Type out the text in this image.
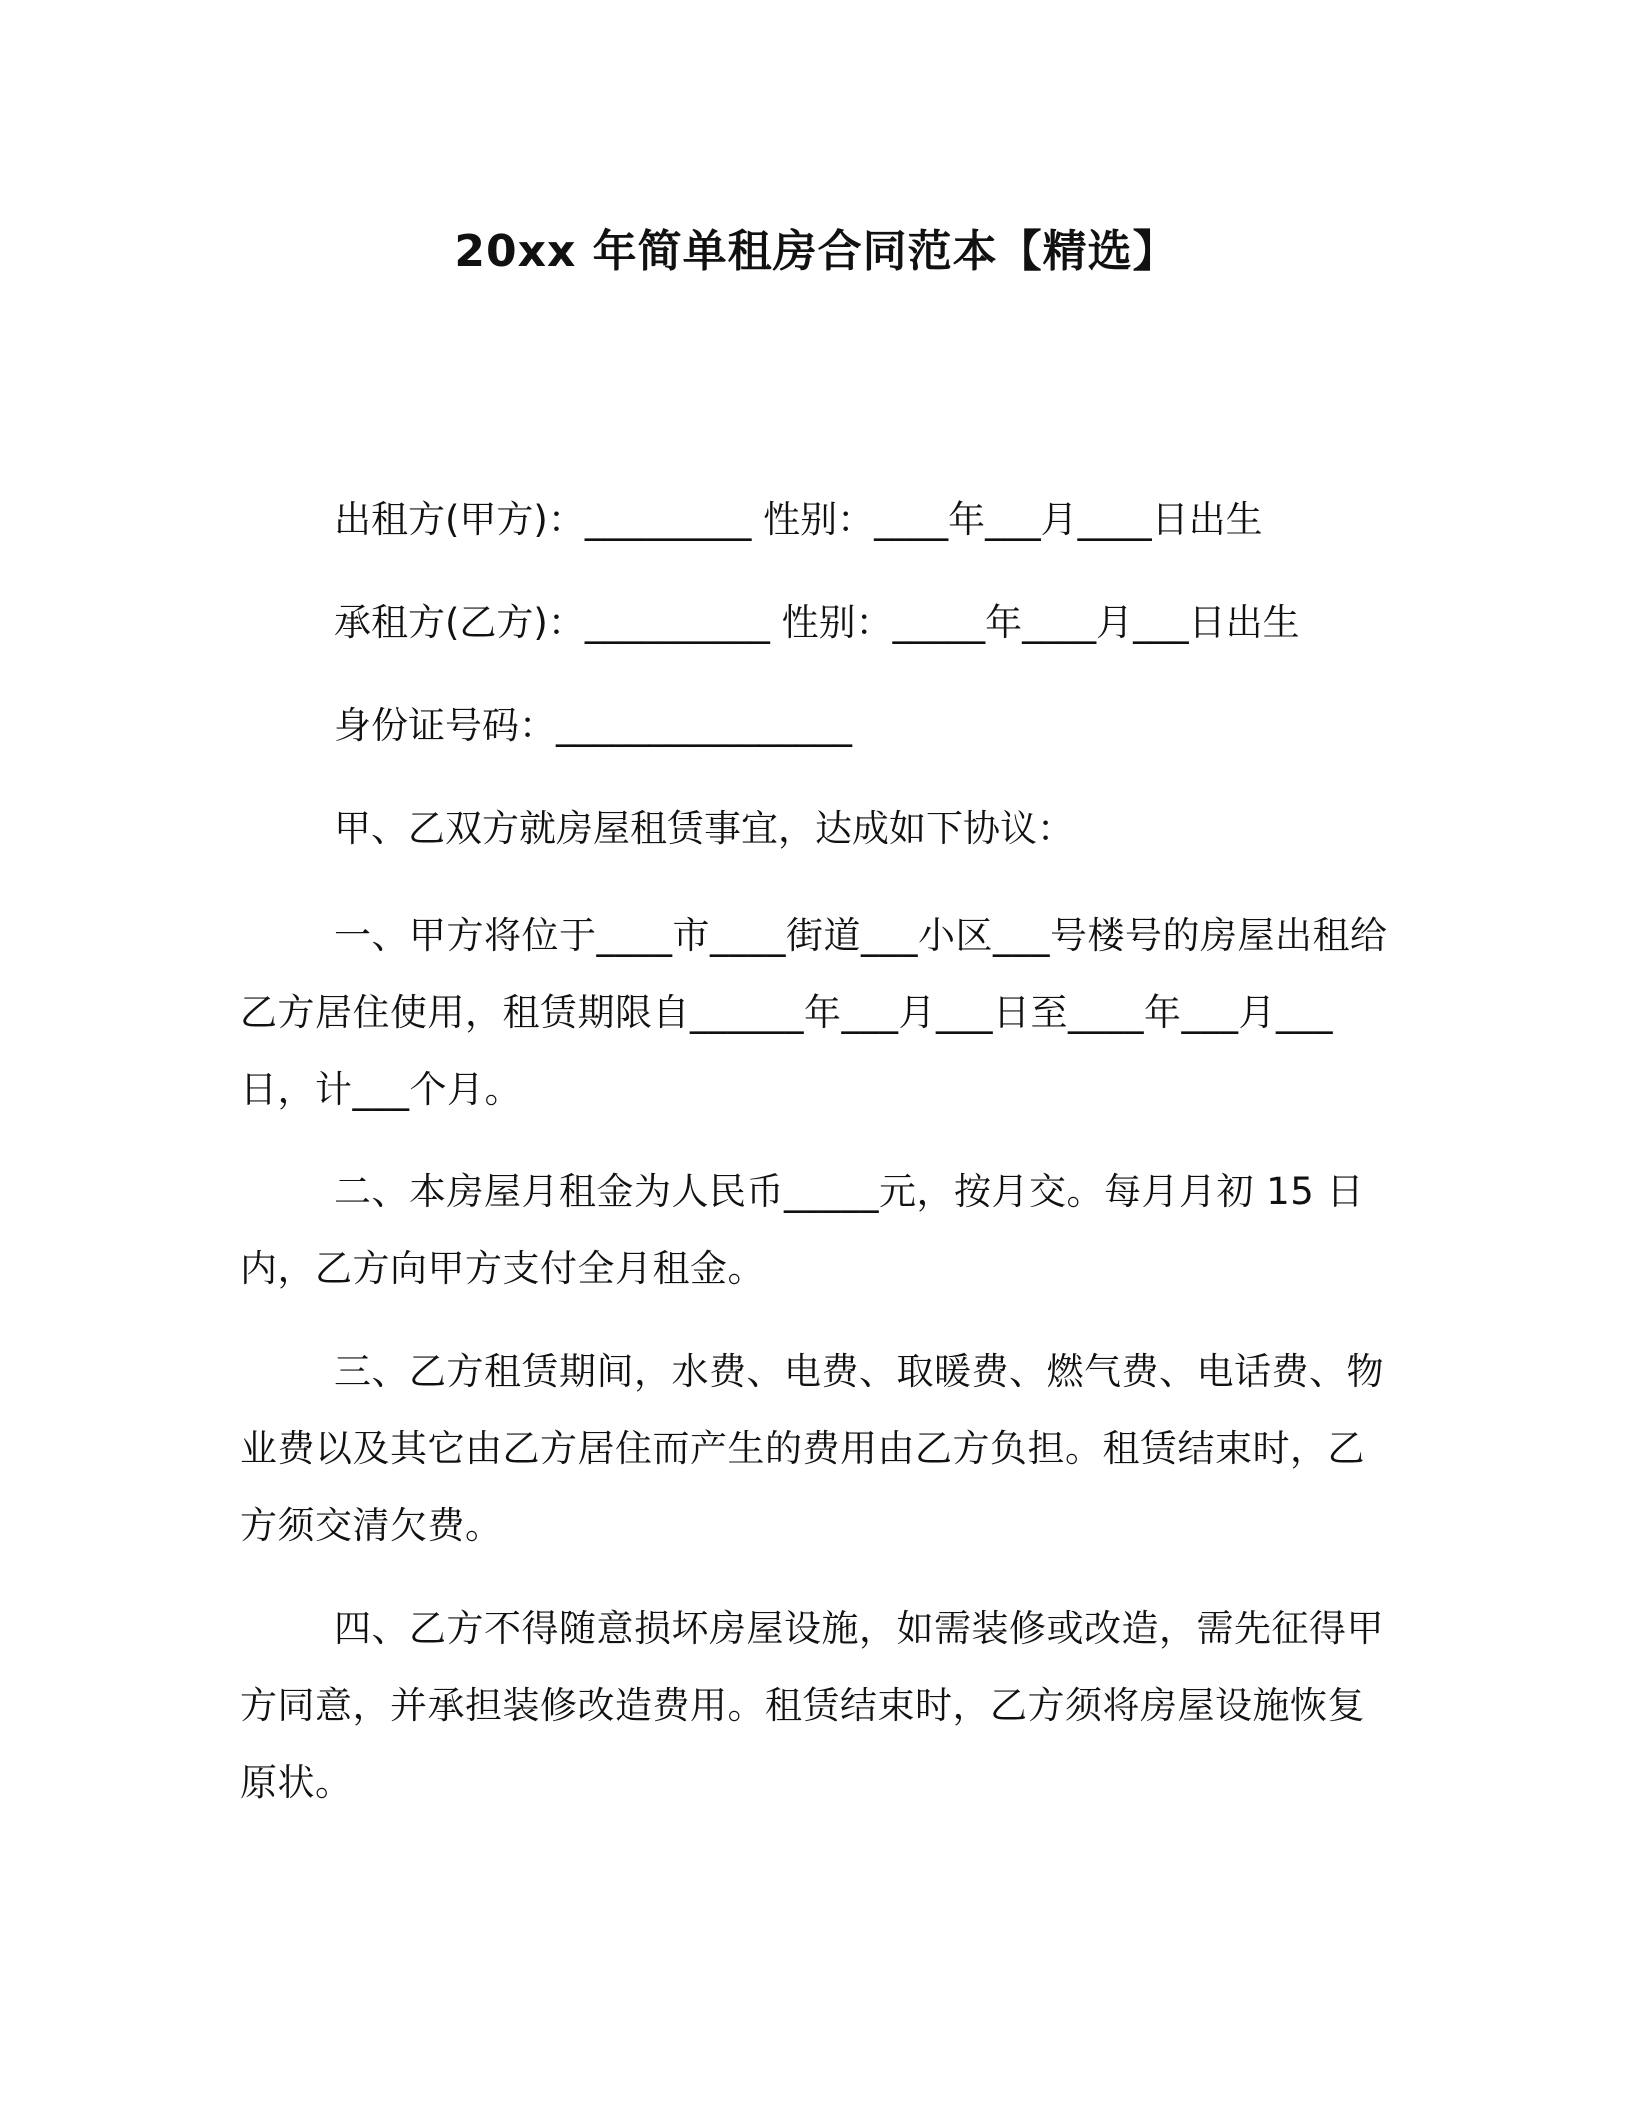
20xx 年简单租房合同范本【精选】
出租方(甲方)：_________ 性别：____年___月____日出生
承租方(乙方)：__________ 性别：_____年____月___日出生
身份证号码：________________
甲、乙双方就房屋租赁事宜，达成如下协议：
一、甲方将位于____市____街道___小区___号楼号的房屋出租给乙方居住使用，租赁期限自______年___月___日至____年___月___日，计___个月。
二、本房屋月租金为人民币_____元，按月交。每月月初 15 日内，乙方向甲方支付全月租金。
三、乙方租赁期间，水费、电费、取暖费、燃气费、电话费、物业费以及其它由乙方居住而产生的费用由乙方负担。租赁结束时，乙方须交清欠费。
四、乙方不得随意损坏房屋设施，如需装修或改造，需先征得甲方同意，并承担装修改造费用。租赁结束时，乙方须将房屋设施恢复原状。
